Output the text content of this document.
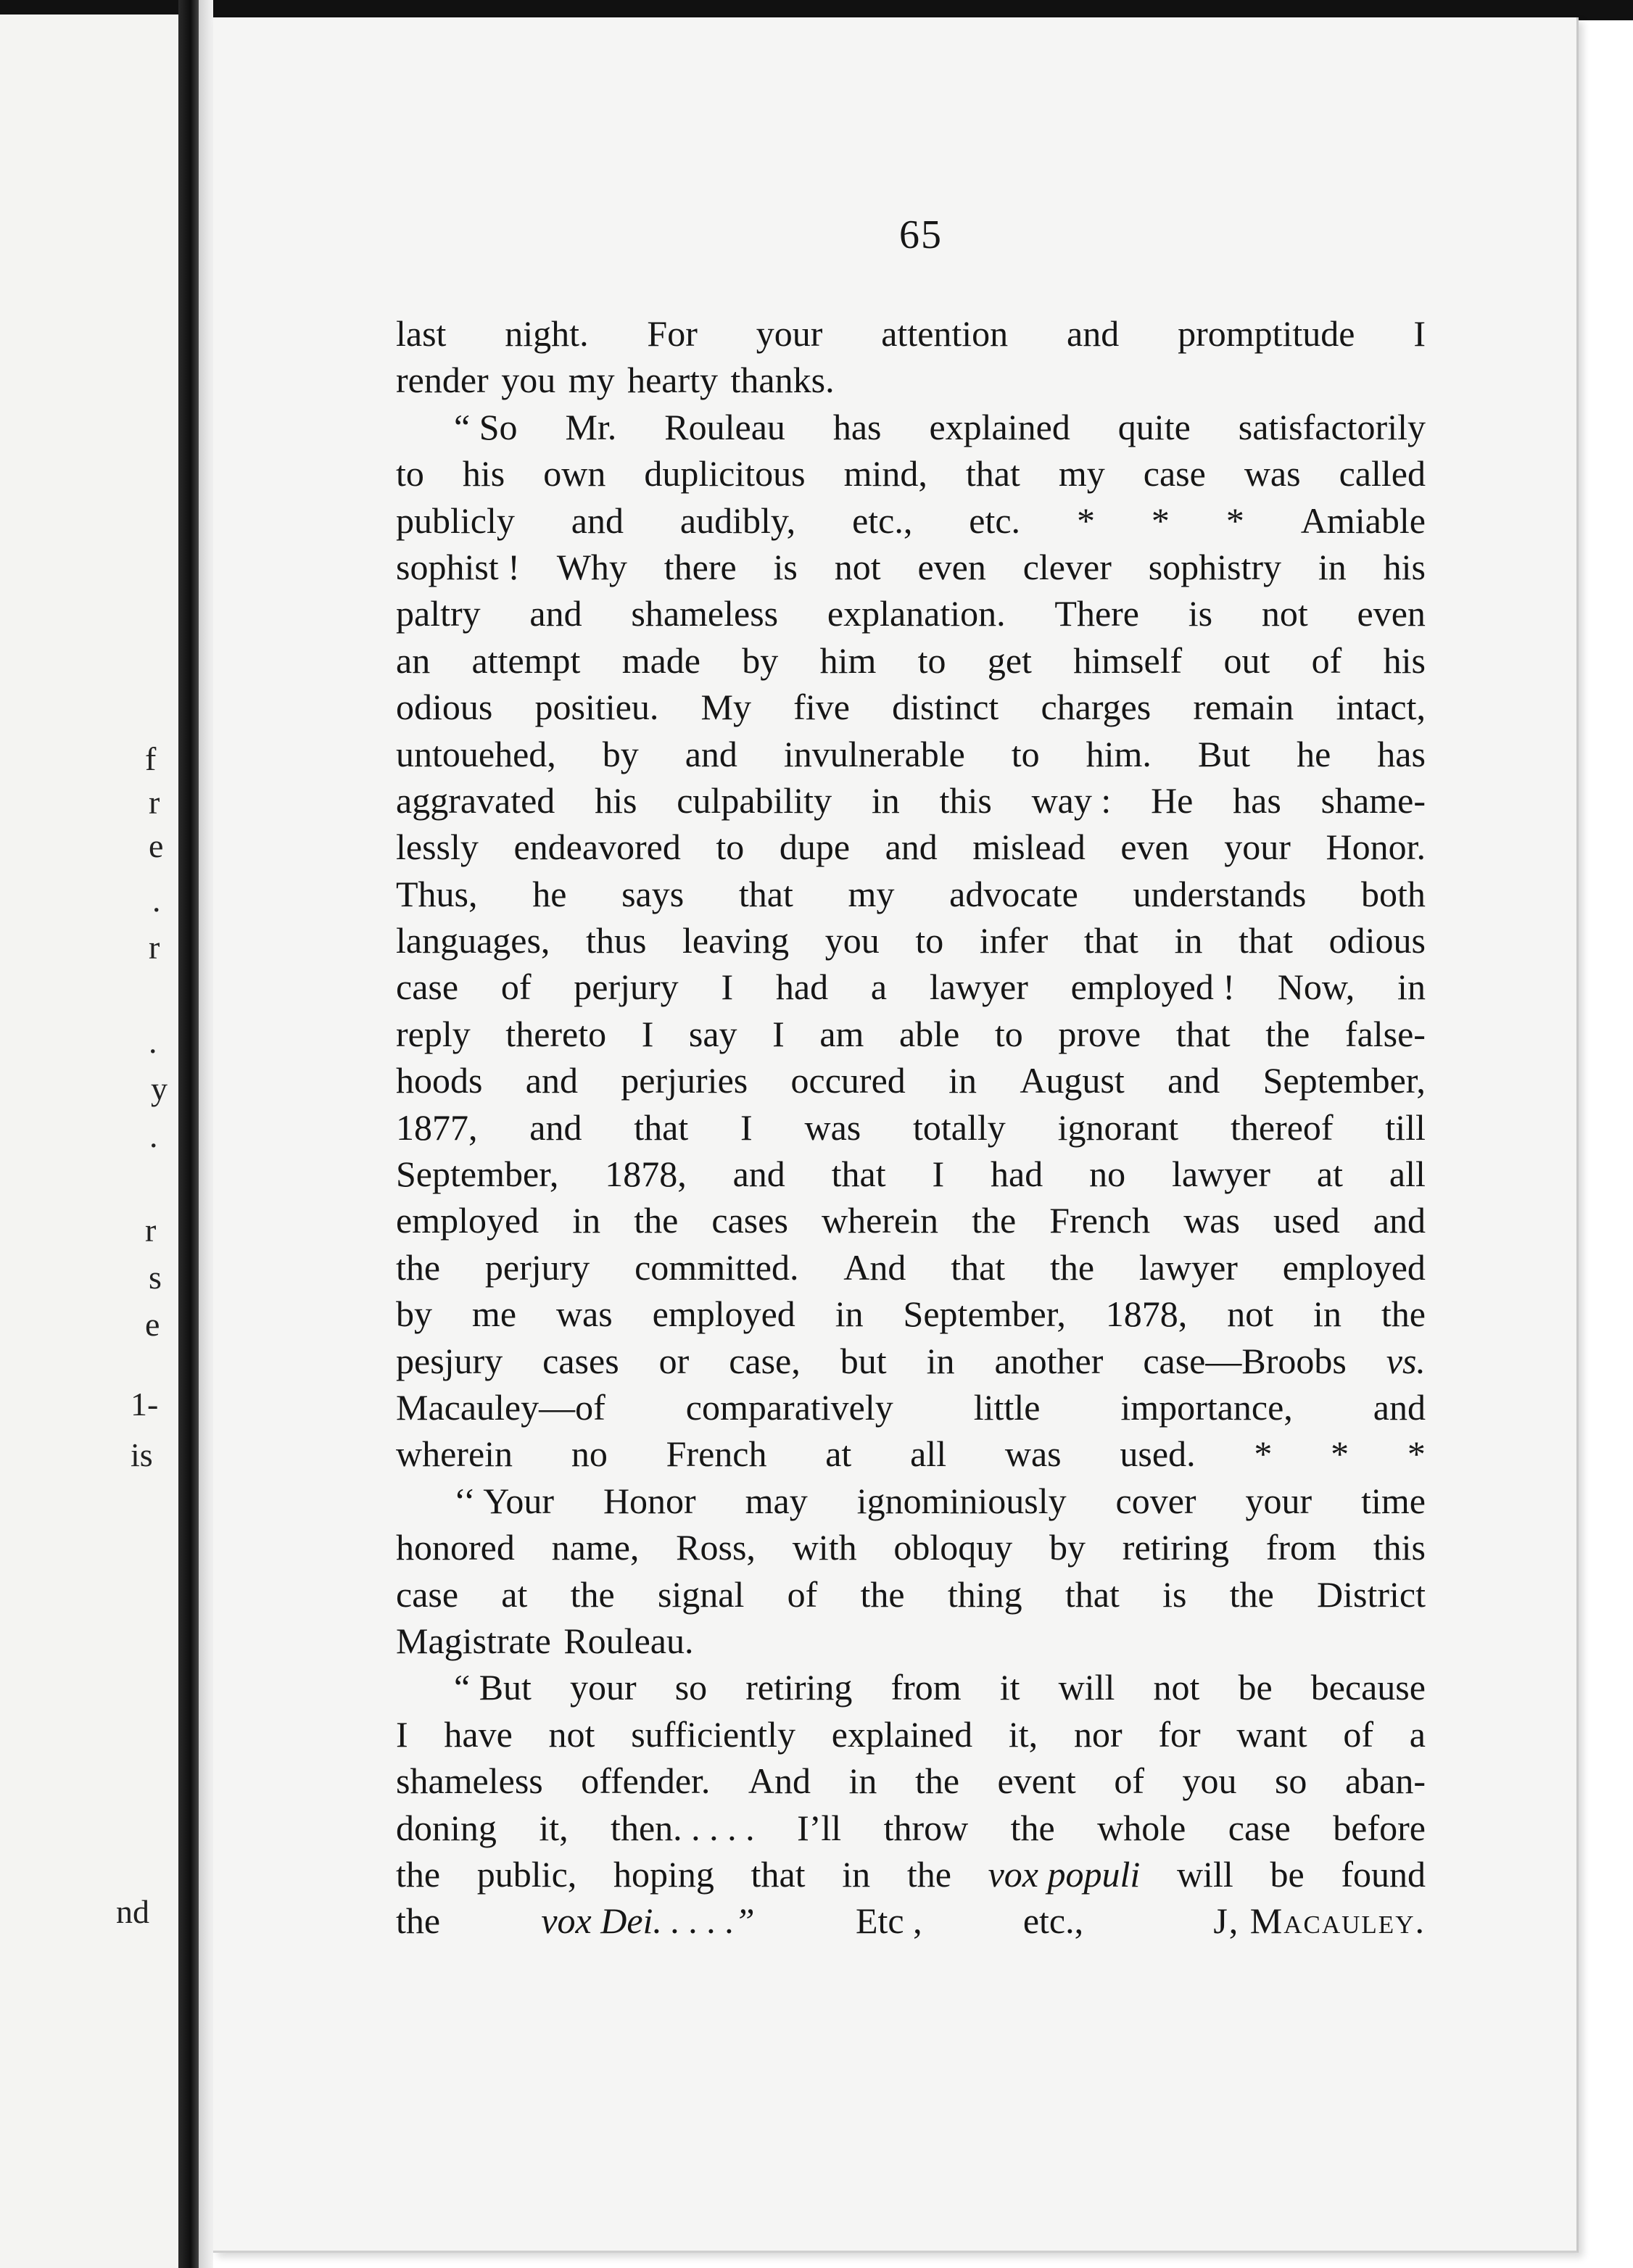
f
r
e
.
r
.
y
.
r
s
e
1-
is
nd
65
last night. For your attention and promptitude I
render you my hearty thanks.
“ So Mr. Rouleau has explained quite satisfactorily
to his own duplicitous mind, that my case was called
publicly and audibly, etc., etc. * * * Amiable
sophist ! Why there is not even clever sophistry in his
paltry and shameless explanation. There is not even
an attempt made by him to get himself out of his
odious positieu. My five distinct charges remain intact,
untouehed, by and invulnerable to him. But he has
aggravated his culpability in this way : He has shame-
lessly endeavored to dupe and mislead even your Honor.
Thus, he says that my advocate understands both
languages, thus leaving you to infer that in that odious
case of perjury I had a lawyer employed ! Now, in
reply thereto I say I am able to prove that the false-
hoods and perjuries occured in August and September,
1877, and that I was totally ignorant thereof till
September, 1878, and that I had no lawyer at all
employed in the cases wherein the French was used and
the perjury committed. And that the lawyer employed
by me was employed in September, 1878, not in the
pesjury cases or case, but in another case—Broobs vs.
Macauley—of comparatively little importance, and
wherein no French at all was used. * * *
‘‘ Your Honor may ignominiously cover your time
honored name, Ross, with obloquy by retiring from this
case at the signal of the thing that is the District
Magistrate Rouleau.
“ But your so retiring from it will not be because
I have not sufficiently explained it, nor for want of a
shameless offender. And in the event of you so aban-
doning it, then. . . . . I’ll throw the whole case before
the public, hoping that in the vox populi will be found
the	vox Dei. . . . .”	Etc ,	etc.,	J, Macauley.
